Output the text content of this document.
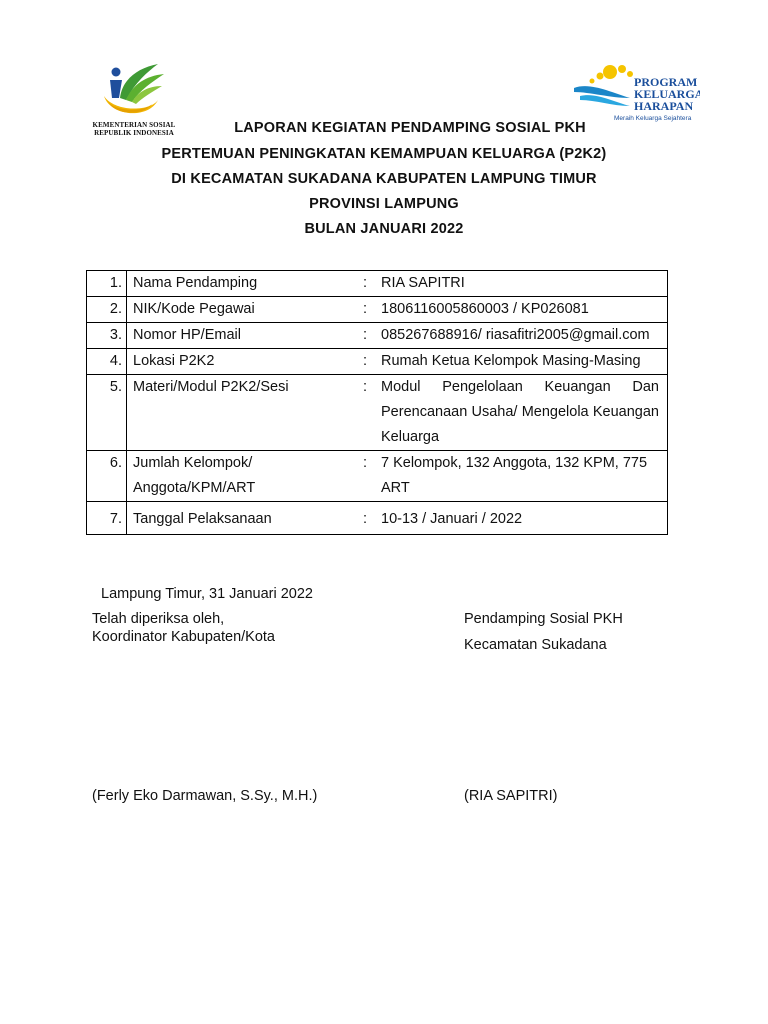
KEMENTERIAN SOSIAL
REPUBLIK INDONESIA
PROGRAM
KELUARGA
HARAPAN
Meraih Keluarga Sejahtera
LAPORAN KEGIATAN PENDAMPING SOSIAL PKH
PERTEMUAN PENINGKATAN KEMAMPUAN KELUARGA (P2K2)
DI KECAMATAN SUKADANA KABUPATEN LAMPUNG TIMUR
PROVINSI LAMPUNG
BULAN JANUARI 2022
1.	Nama Pendamping	:	RIA SAPITRI
2.	NIK/Kode Pegawai	:	1806116005860003 / KP026081
3.	Nomor HP/Email	:	085267688916/ riasafitri2005@gmail.com
4.	Lokasi P2K2	:	Rumah Ketua Kelompok Masing-Masing
5.	Materi/Modul P2K2/Sesi	:	Modul Pengelolaan Keuangan Dan Perencanaan Usaha/ Mengelola Keuangan Keluarga
6.	Jumlah Kelompok/ Anggota/KPM/ART	:	7 Kelompok, 132 Anggota, 132 KPM, 775 ART
7.	Tanggal Pelaksanaan	:	10-13 / Januari / 2022
Lampung Timur, 31 Januari 2022
Telah diperiksa oleh,
Koordinator Kabupaten/Kota
Pendamping Sosial PKH
Kecamatan Sukadana
(Ferly Eko Darmawan, S.Sy., M.H.)	(RIA SAPITRI)
